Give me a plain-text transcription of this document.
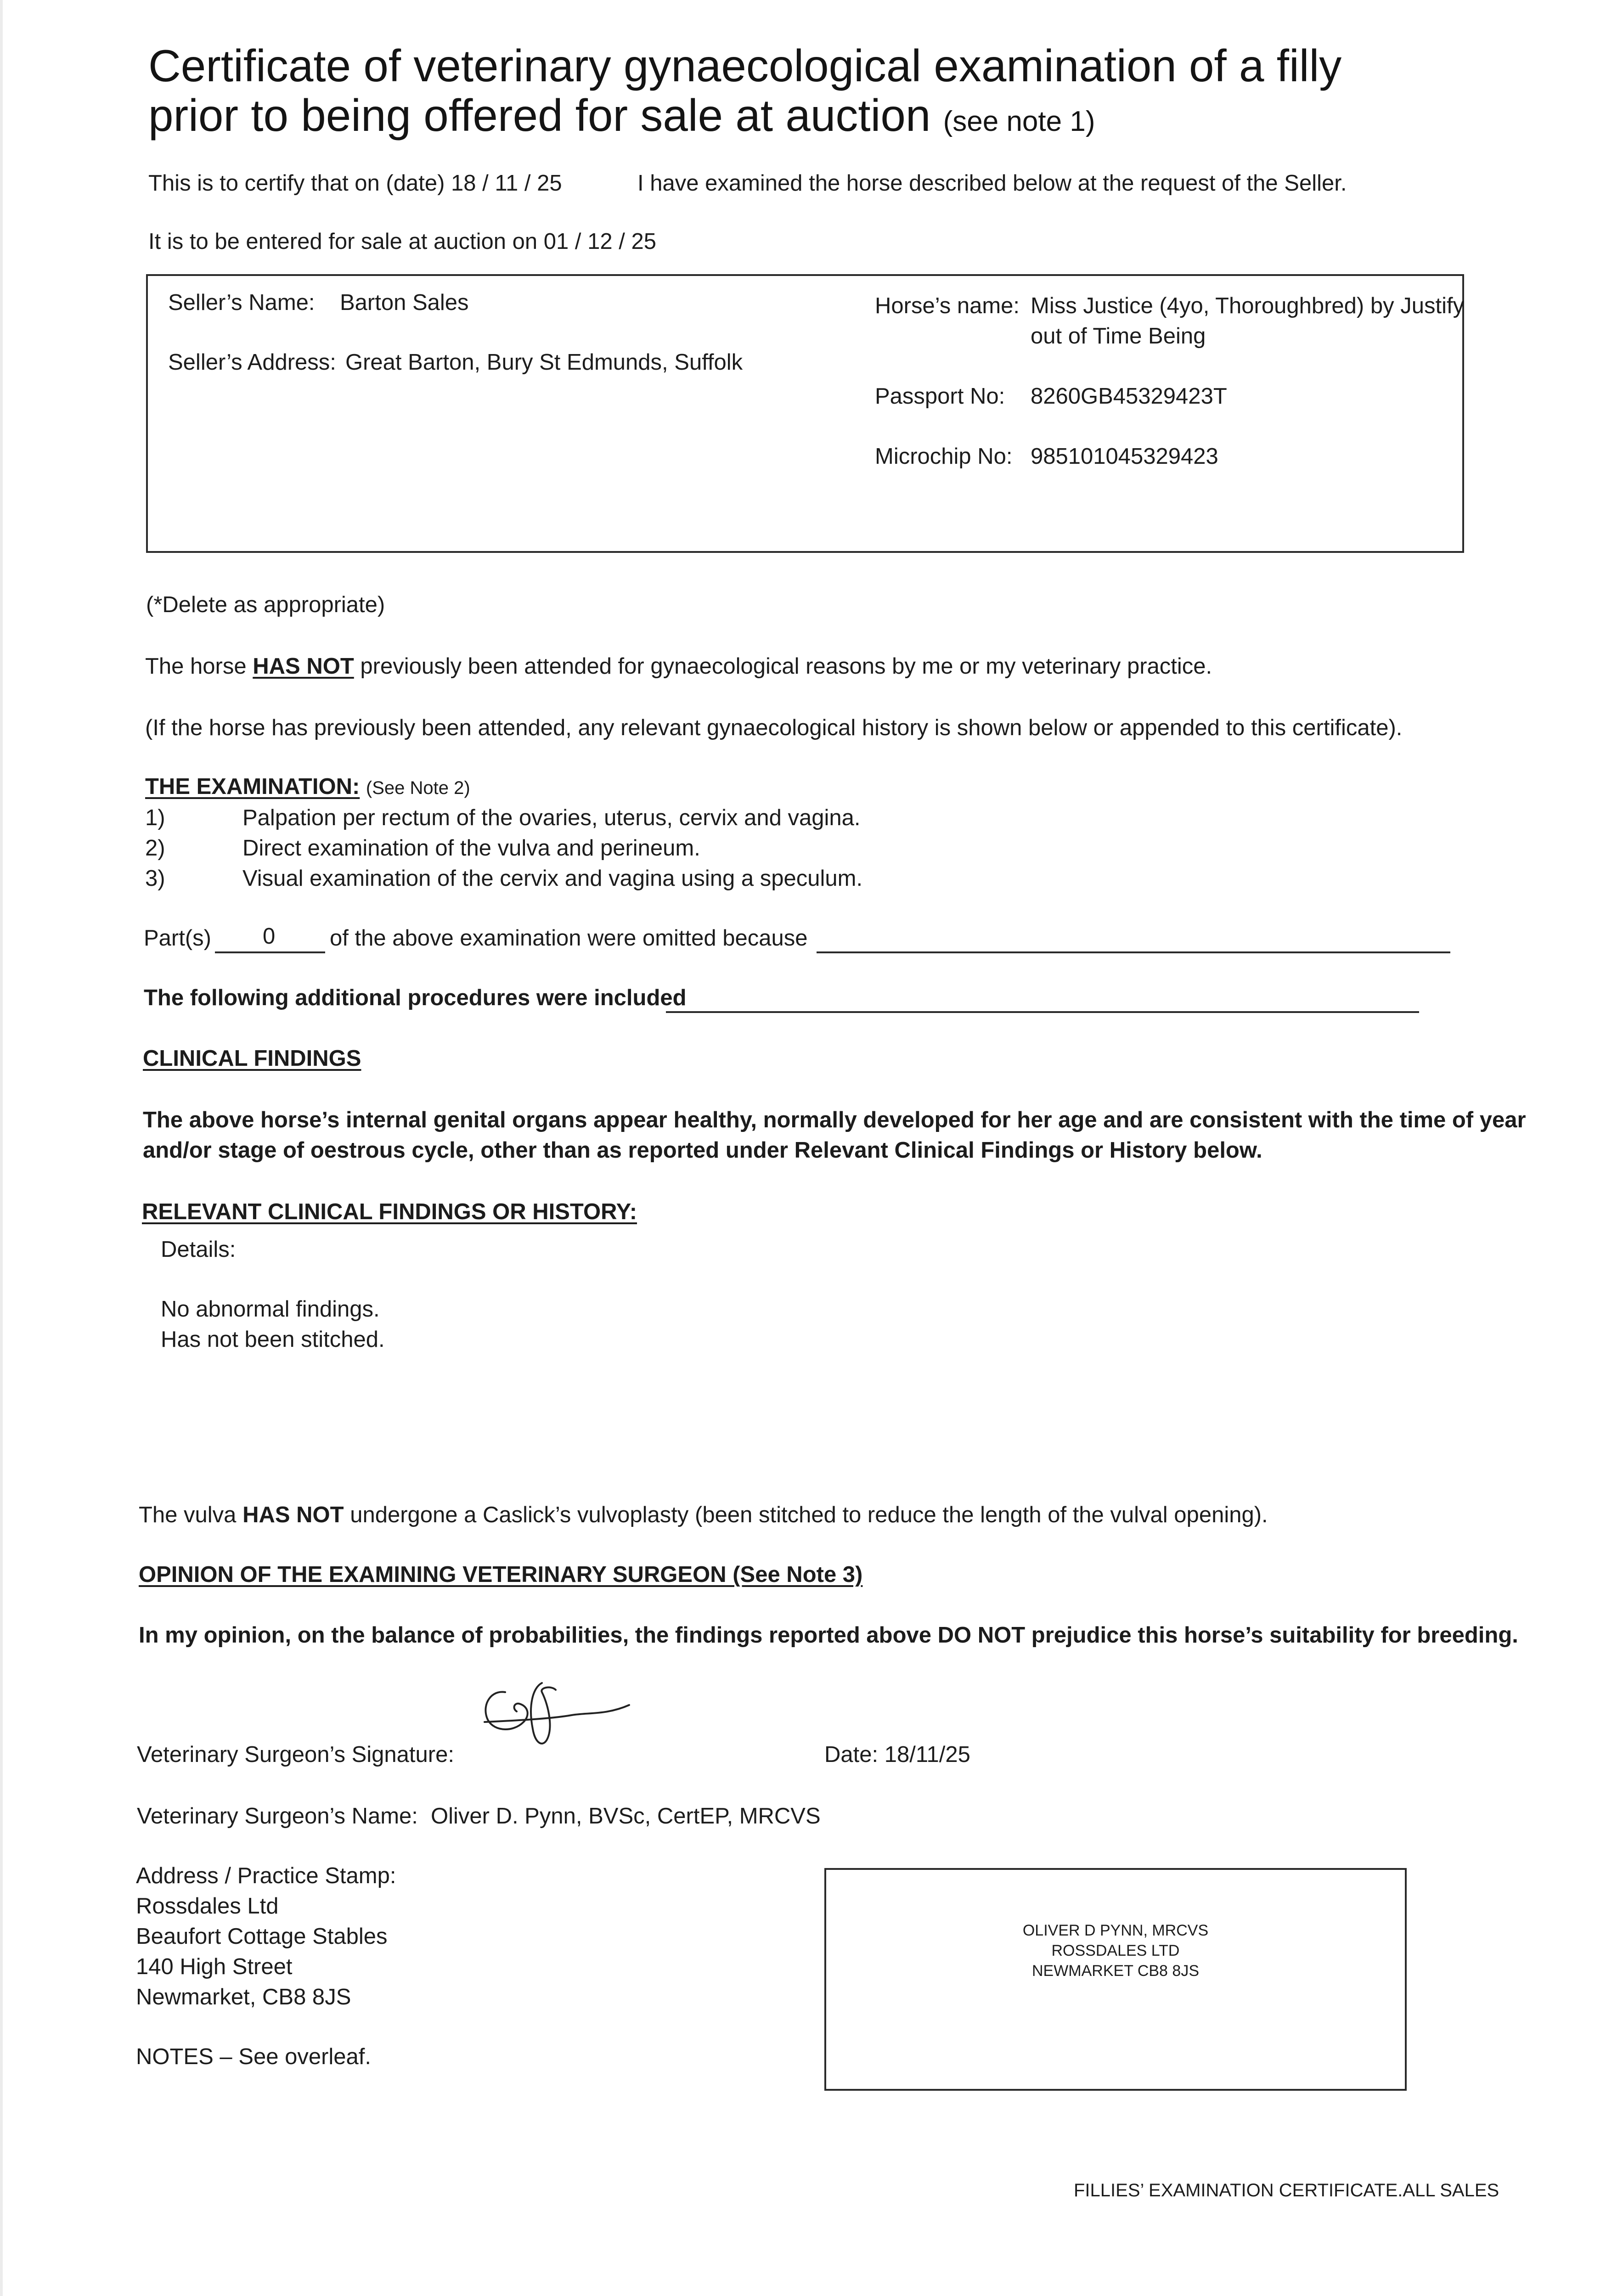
Certificate of veterinary gynaecological examination of a filly
prior to being offered for sale at auction (see note 1)
This is to certify that on (date) 18 / 11 / 25	I have examined the horse described below at the request of the Seller.
It is to be entered for sale at auction on 01 / 12 / 25
Seller’s Name: Barton Sales
Seller’s Address: Great Barton, Bury St Edmunds, Suffolk
Horse’s name: Miss Justice (4yo, Thoroughbred) by Justify
out of Time Being
Passport No: 8260GB45329423T
Microchip No: 985101045329423
(*Delete as appropriate)
The horse HAS NOT previously been attended for gynaecological reasons by me or my veterinary practice.
(If the horse has previously been attended, any relevant gynaecological history is shown below or appended to this certificate).
THE EXAMINATION: (See Note 2)
1)	Palpation per rectum of the ovaries, uterus, cervix and vagina.
2)	Direct examination of the vulva and perineum.
3)	Visual examination of the cervix and vagina using a speculum.
Part(s) 0 of the above examination were omitted because
The following additional procedures were included
CLINICAL FINDINGS
The above horse’s internal genital organs appear healthy, normally developed for her age and are consistent with the time of year
and/or stage of oestrous cycle, other than as reported under Relevant Clinical Findings or History below.
RELEVANT CLINICAL FINDINGS OR HISTORY:
Details:
No abnormal findings.
Has not been stitched.
The vulva HAS NOT undergone a Caslick’s vulvoplasty (been stitched to reduce the length of the vulval opening).
OPINION OF THE EXAMINING VETERINARY SURGEON (See Note 3)
In my opinion, on the balance of probabilities, the findings reported above DO NOT prejudice this horse’s suitability for breeding.
Veterinary Surgeon’s Signature:	Date: 18/11/25
Veterinary Surgeon’s Name: Oliver D. Pynn, BVSc, CertEP, MRCVS
Address / Practice Stamp:
Rossdales Ltd
Beaufort Cottage Stables
140 High Street
Newmarket, CB8 8JS
NOTES – See overleaf.
OLIVER D PYNN, MRCVS
ROSSDALES LTD
NEWMARKET CB8 8JS
FILLIES’ EXAMINATION CERTIFICATE.ALL SALES
